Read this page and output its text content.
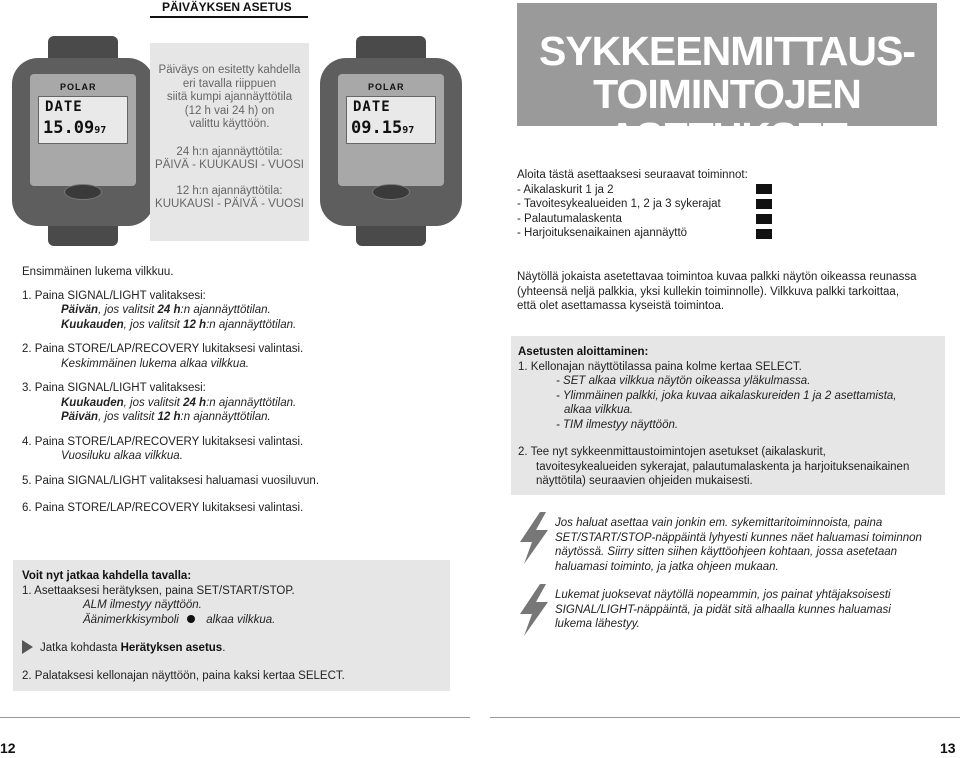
PÄIVÄYKSEN ASETUS
POLAR
DATE
15.0997
Päiväys on esitetty kahdella
eri tavalla riippuen
siitä kumpi ajannäyttötila
(12 h vai 24 h) on
valittu käyttöön.
24 h:n ajannäyttötila:
PÄIVÄ - KUUKAUSI - VUOSI
12 h:n ajannäyttötila:
KUUKAUSI - PÄIVÄ - VUOSI
POLAR
DATE
09.1597
Ensimmäinen lukema vilkkuu.
1. Paina SIGNAL/LIGHT valitaksesi:
Päivän, jos valitsit 24 h:n ajannäyttötilan.
Kuukauden, jos valitsit 12 h:n ajannäyttötilan.
2. Paina STORE/LAP/RECOVERY lukitaksesi valintasi.
Keskimmäinen lukema alkaa vilkkua.
3. Paina SIGNAL/LIGHT valitaksesi:
Kuukauden, jos valitsit 24 h:n ajannäyttötilan.
Päivän, jos valitsit 12 h:n ajannäyttötilan.
4. Paina STORE/LAP/RECOVERY lukitaksesi valintasi.
Vuosiluku alkaa vilkkua.
5. Paina SIGNAL/LIGHT valitaksesi haluamasi vuosiluvun.
6. Paina STORE/LAP/RECOVERY lukitaksesi valintasi.
Voit nyt jatkaa kahdella tavalla:
1. Asettaaksesi herätyksen, paina SET/START/STOP.
ALM ilmestyy näyttöön.
Äänimerkkisymboli alkaa vilkkua.
Jatka kohdasta Herätyksen asetus.
2. Palataksesi kellonajan näyttöön, paina kaksi kertaa SELECT.
12
SYKKEENMITTAUS-
TOIMINTOJEN ASETUKSET
Aloita tästä asettaaksesi seuraavat toiminnot:
- Aikalaskurit 1 ja 2
- Tavoitesykealueiden 1, 2 ja 3 sykerajat
- Palautumalaskenta
- Harjoituksenaikainen ajannäyttö
Näytöllä jokaista asetettavaa toimintoa kuvaa palkki näytön oikeassa reunassa
(yhteensä neljä palkkia, yksi kullekin toiminnolle). Vilkkuva palkki tarkoittaa,
että olet asettamassa kyseistä toimintoa.
Asetusten aloittaminen:
1. Kellonajan näyttötilassa paina kolme kertaa SELECT.
- SET alkaa vilkkua näytön oikeassa yläkulmassa.
- Ylimmäinen palkki, joka kuvaa aikalaskureiden 1 ja 2 asettamista,
alkaa vilkkua.
- TIM ilmestyy näyttöön.
2. Tee nyt sykkeenmittaustoimintojen asetukset (aikalaskurit,
tavoitesykealueiden sykerajat, palautumalaskenta ja harjoituksenaikainen
näyttötila) seuraavien ohjeiden mukaisesti.
Jos haluat asettaa vain jonkin em. sykemittaritoiminnoista, paina
SET/START/STOP-näppäintä lyhyesti kunnes näet haluamasi toiminnon
näytössä. Siirry sitten siihen käyttöohjeen kohtaan, jossa asetetaan
haluamasi toiminto, ja jatka ohjeen mukaan.
Lukemat juoksevat näytöllä nopeammin, jos painat yhtäjaksoisesti
SIGNAL/LIGHT-näppäintä, ja pidät sitä alhaalla kunnes haluamasi
lukema lähestyy.
13
